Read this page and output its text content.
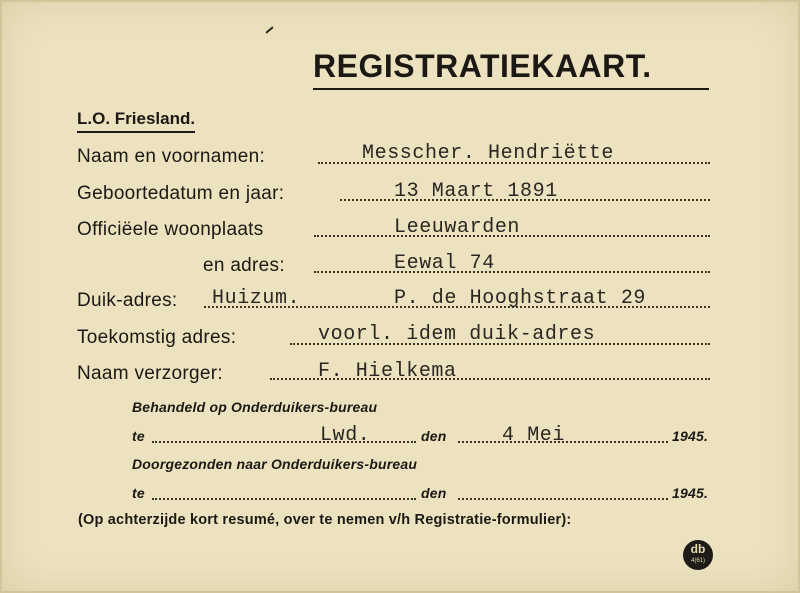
REGISTRATIEKAART.
L.O. Friesland.
Naam en voornamen:	Messcher. Hendriëtte
Geboortedatum en jaar:	13 Maart 1891
Officiëele woonplaats	Leeuwarden
en adres:	Eewal 74
Duik-adres: Huizum.	P. de Hooghstraat 29
Toekomstig adres:	voorl. idem duik-adres
Naam verzorger:	F. Hielkema
Behandeld op Onderduikers-bureau
te	Lwd.	den	4 Mei	1945.
Doorgezonden naar Onderduikers-bureau
te	den	1945.
(Op achterzijde kort resumé, over te nemen v/h Registratie-formulier):
db
4(61)
